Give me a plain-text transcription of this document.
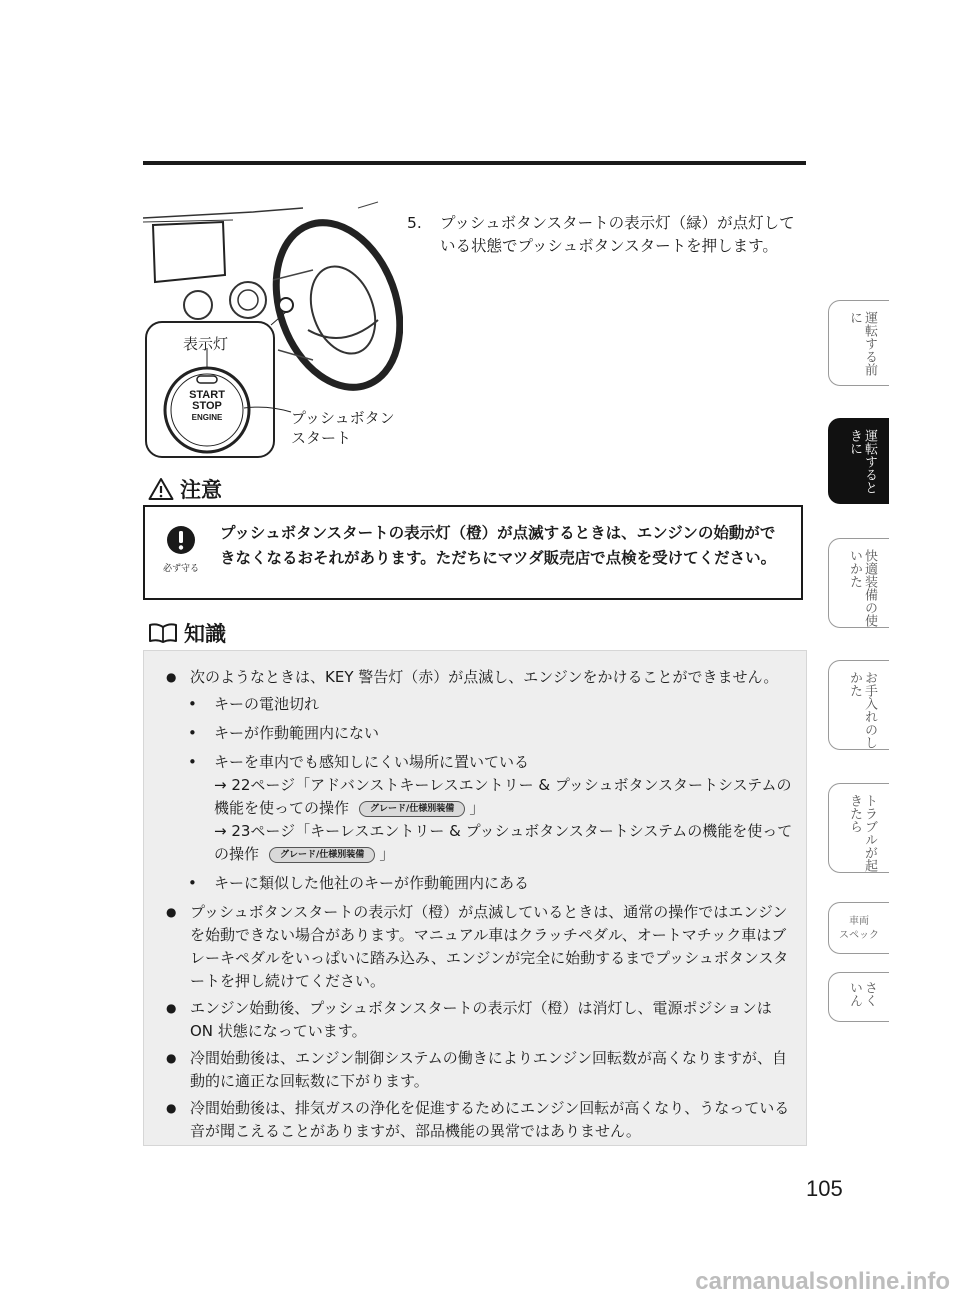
表示灯
START
STOP
ENGINE	プッシュボタン
スタート
5. プッシュボタンスタートの表示灯（緑）が点灯している状態でプッシュボタンスタートを押します。
注意
必ず守る
プッシュボタンスタートの表示灯（橙）が点滅するときは、エンジンの始動ができなくなるおそれがあります。ただちにマツダ販売店で点検を受けてください。
知識
● 次のようなときは、KEY 警告灯（赤）が点滅し、エンジンをかけることができません。
• キーの電池切れ
• キーが作動範囲内にない
• キーを車内でも感知しにくい場所に置いている
→ 22ページ「アドバンストキーレスエントリー & プッシュボタンスタートシステムの機能を使っての操作 グレード/仕様別装備 」
→ 23ページ「キーレスエントリー & プッシュボタンスタートシステムの機能を使っての操作 グレード/仕様別装備 」
• キーに類似した他社のキーが作動範囲内にある
● プッシュボタンスタートの表示灯（橙）が点滅しているときは、通常の操作ではエンジンを始動できない場合があります。マニュアル車はクラッチペダル、オートマチック車はブレーキペダルをいっぱいに踏み込み、エンジンが完全に始動するまでプッシュボタンスタートを押し続けてください。
● エンジン始動後、プッシュボタンスタートの表示灯（橙）は消灯し、電源ポジションは ON 状態になっています。
● 冷間始動後は、エンジン制御システムの働きによりエンジン回転数が高くなりますが、自動的に適正な回転数に下がります。
● 冷間始動後は、排気ガスの浄化を促進するためにエンジン回転が高くなり、うなっている音が聞こえることがありますが、部品機能の異常ではありません。
運転する前に
運転するときに
快適装備の使いかた
お手入れのしかた
トラブルが起きたら
車両
スペック
さくいん
105
carmanualsonline.info
